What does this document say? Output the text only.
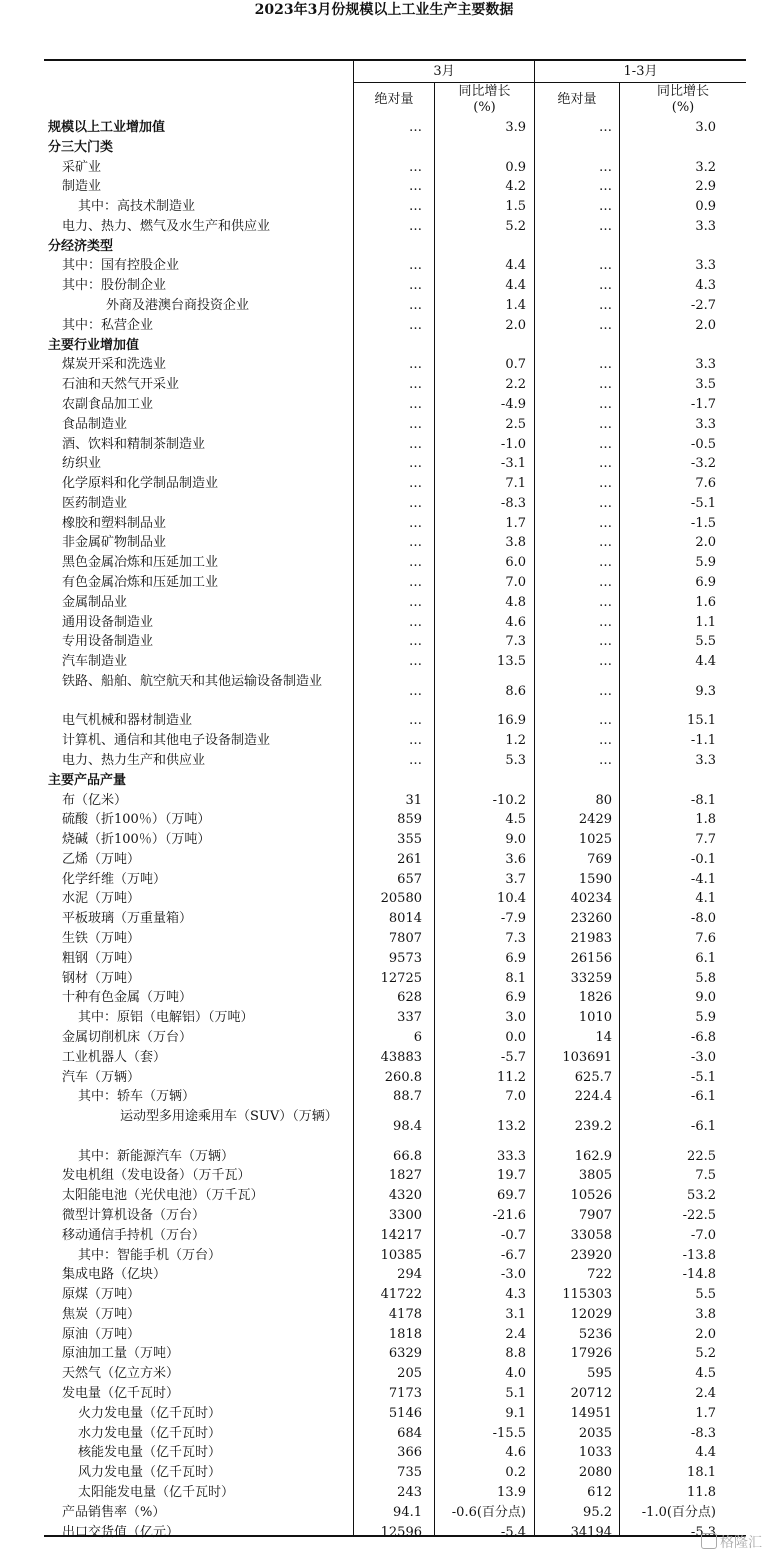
2023年3月份规模以上工业生产主要数据
3月	1-3月
绝对量
同比增长
(%)
绝对量
同比增长
(%)
规模以上工业增加值	…	3.9	…	3.0
分三大门类
采矿业	…	0.9	…	3.2
制造业	…	4.2	…	2.9
其中：高技术制造业	…	1.5	…	0.9
电力、热力、燃气及水生产和供应业	…	5.2	…	3.3
分经济类型
其中：国有控股企业	…	4.4	…	3.3
其中：股份制企业	…	4.4	…	4.3
外商及港澳台商投资企业	…	1.4	…	-2.7
其中：私营企业	…	2.0	…	2.0
主要行业增加值
煤炭开采和洗选业	…	0.7	…	3.3
石油和天然气开采业	…	2.2	…	3.5
农副食品加工业	…	-4.9	…	-1.7
食品制造业	…	2.5	…	3.3
酒、饮料和精制茶制造业	…	-1.0	…	-0.5
纺织业	…	-3.1	…	-3.2
化学原料和化学制品制造业	…	7.1	…	7.6
医药制造业	…	-8.3	…	-5.1
橡胶和塑料制品业	…	1.7	…	-1.5
非金属矿物制品业	…	3.8	…	2.0
黑色金属冶炼和压延加工业	…	6.0	…	5.9
有色金属冶炼和压延加工业	…	7.0	…	6.9
金属制品业	…	4.8	…	1.6
通用设备制造业	…	4.6	…	1.1
专用设备制造业	…	7.3	…	5.5
汽车制造业	…	13.5	…	4.4
铁路、船舶、航空航天和其他运输设备制造业
…	8.6	…	9.3
电气机械和器材制造业	…	16.9	…	15.1
计算机、通信和其他电子设备制造业	…	1.2	…	-1.1
电力、热力生产和供应业	…	5.3	…	3.3
主要产品产量
布（亿米）	31	-10.2	80	-8.1
硫酸（折100％）（万吨）	859	4.5	2429	1.8
烧碱（折100％）（万吨）	355	9.0	1025	7.7
乙烯（万吨）	261	3.6	769	-0.1
化学纤维（万吨）	657	3.7	1590	-4.1
水泥（万吨）	20580	10.4	40234	4.1
平板玻璃（万重量箱）	8014	-7.9	23260	-8.0
生铁（万吨）	7807	7.3	21983	7.6
粗钢（万吨）	9573	6.9	26156	6.1
钢材（万吨）	12725	8.1	33259	5.8
十种有色金属（万吨）	628	6.9	1826	9.0
其中：原铝（电解铝）（万吨）	337	3.0	1010	5.9
金属切削机床（万台）	6	0.0	14	-6.8
工业机器人（套）	43883	-5.7	103691	-3.0
汽车（万辆）	260.8	11.2	625.7	-5.1
其中：轿车（万辆）	88.7	7.0	224.4	-6.1
运动型多用途乘用车（SUV）（万辆）
98.4	13.2	239.2	-6.1
其中：新能源汽车（万辆）	66.8	33.3	162.9	22.5
发电机组（发电设备）（万千瓦）	1827	19.7	3805	7.5
太阳能电池（光伏电池）（万千瓦）	4320	69.7	10526	53.2
微型计算机设备（万台）	3300	-21.6	7907	-22.5
移动通信手持机（万台）	14217	-0.7	33058	-7.0
其中：智能手机（万台）	10385	-6.7	23920	-13.8
集成电路（亿块）	294	-3.0	722	-14.8
原煤（万吨）	41722	4.3	115303	5.5
焦炭（万吨）	4178	3.1	12029	3.8
原油（万吨）	1818	2.4	5236	2.0
原油加工量（万吨）	6329	8.8	17926	5.2
天然气（亿立方米）	205	4.0	595	4.5
发电量（亿千瓦时）	7173	5.1	20712	2.4
火力发电量（亿千瓦时）	5146	9.1	14951	1.7
水力发电量（亿千瓦时）	684	-15.5	2035	-8.3
核能发电量（亿千瓦时）	366	4.6	1033	4.4
风力发电量（亿千瓦时）	735	0.2	2080	18.1
太阳能发电量（亿千瓦时）	243	13.9	612	11.8
产品销售率（%）	94.1	-0.6(百分点)	95.2	-1.0(百分点)
出口交货值（亿元）	12596	-5.4	34194	-5.3
格隆汇
